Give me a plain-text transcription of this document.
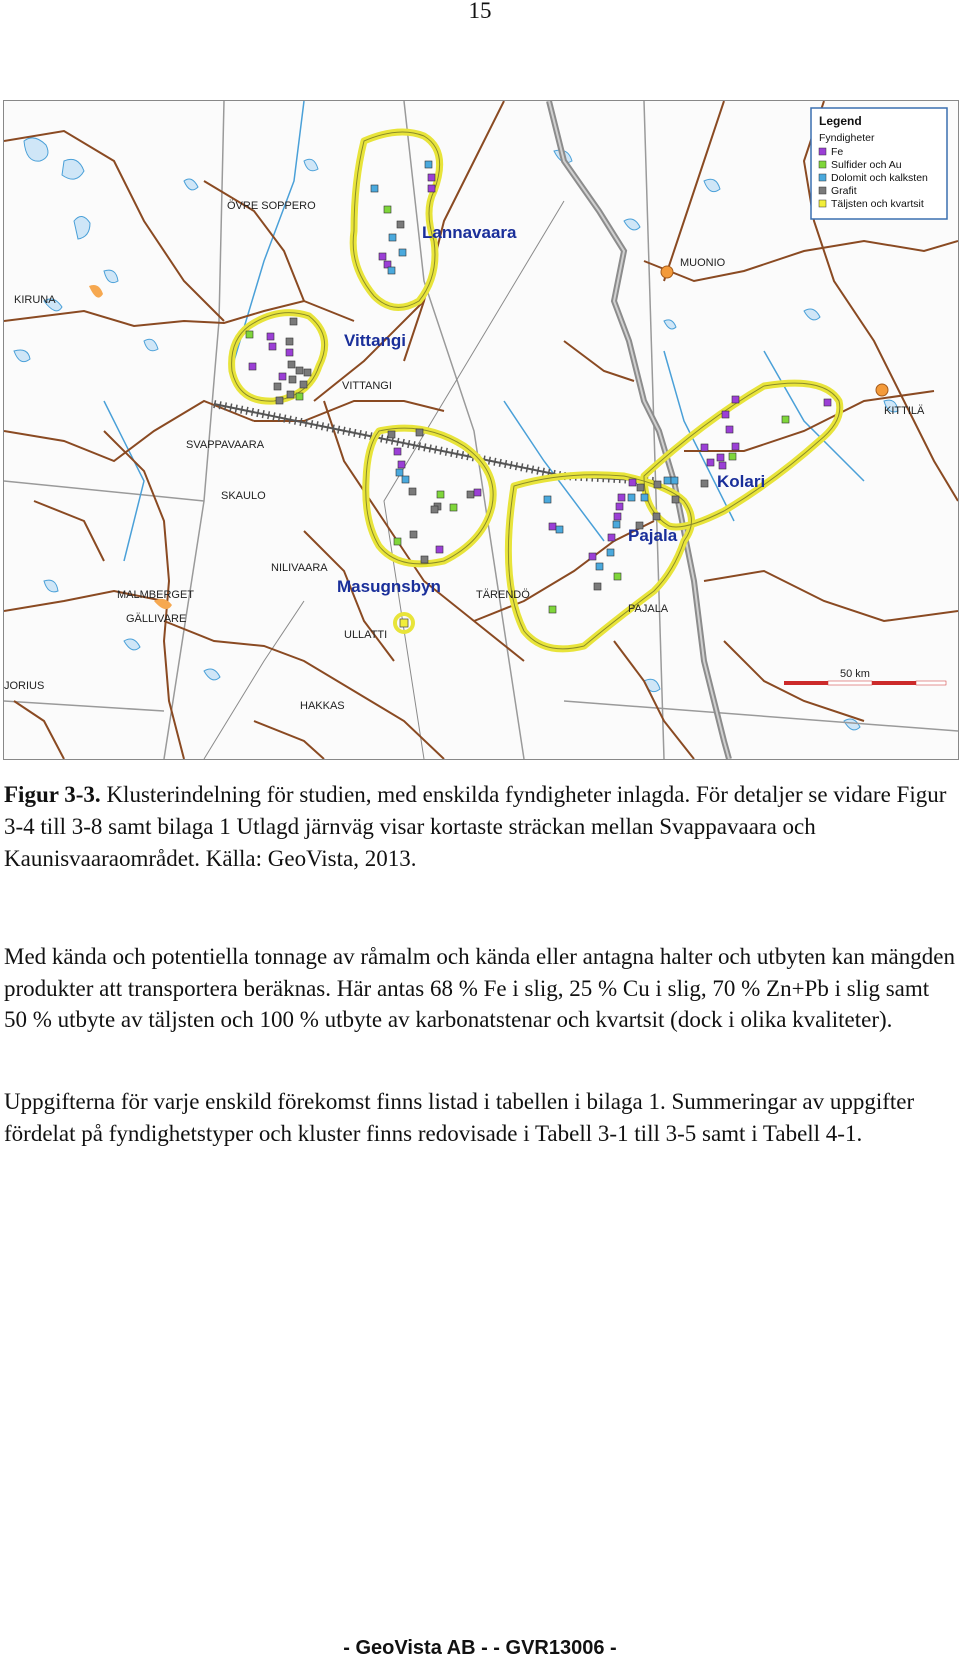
15
ÖVRE SOPPERO
KIRUNA
VITTANGI
SVAPPAVAARA
SKAULO
NILIVAARA
MALMBERGET
GÄLLIVARE
TÄRENDÖ
PAJALA
MUONIO
KITTILÄ
ULLATTI
HAKKAS
JORIUS
Lannavaara
Vittangi
Masugnsbyn
Pajala
Kolari
50 km
Legend
Fyndigheter
Fe
Sulfider och Au
Dolomit och kalksten
Grafit
Täljsten och kvartsit
Figur 3-3. Klusterindelning för studien, med enskilda fyndigheter inlagda. För detaljer se vidare Figur 3-4 till 3-8 samt bilaga 1 Utlagd järnväg visar kortaste sträckan mellan Svappavaara och Kaunisvaaraområdet. Källa: GeoVista, 2013.
Med kända och potentiella tonnage av råmalm och kända eller antagna halter och utbyten kan mängden produkter att transportera beräknas. Här antas 68 % Fe i slig, 25 % Cu i slig, 70 % Zn+Pb i slig samt 50 % utbyte av täljsten och 100 % utbyte av karbonatstenar och kvartsit (dock i olika kvaliteter).
Uppgifterna för varje enskild förekomst finns listad i tabellen i bilaga 1. Summeringar av uppgifter fördelat på fyndighetstyper och kluster finns redovisade i Tabell 3-1 till 3-5 samt i Tabell 4-1.
- GeoVista AB - - GVR13006 -
